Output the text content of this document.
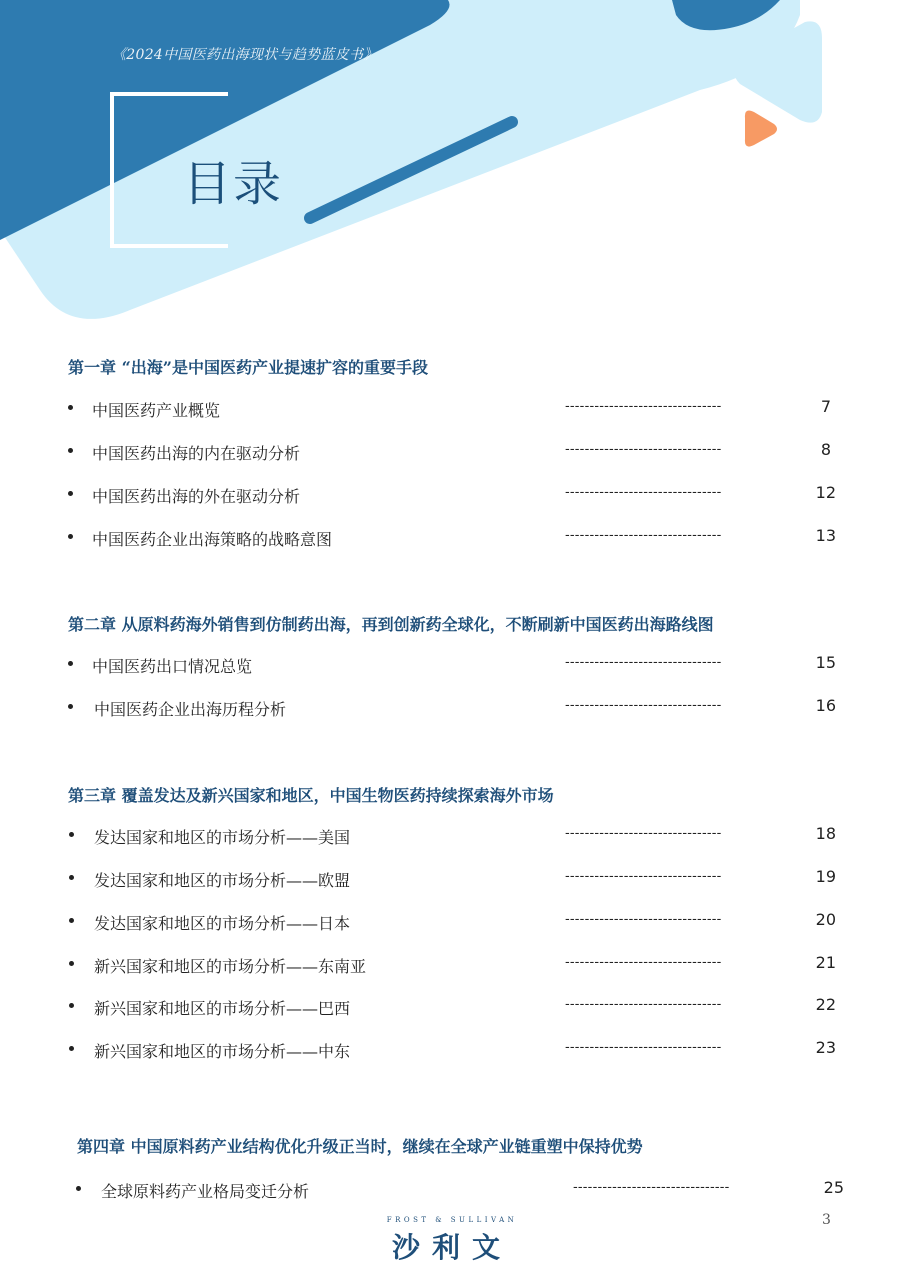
《2024中国医药出海现状与趋势蓝皮书》
目录
第一章 “出海”是中国医药产业提速扩容的重要手段
中国医药产业概览	--------------------------------	7
中国医药出海的内在驱动分析	--------------------------------	8
中国医药出海的外在驱动分析	--------------------------------	12
中国医药企业出海策略的战略意图	--------------------------------	13
第二章 从原料药海外销售到仿制药出海，再到创新药全球化，不断刷新中国医药出海路线图
中国医药出口情况总览	--------------------------------	15
中国医药企业出海历程分析	--------------------------------	16
第三章 覆盖发达及新兴国家和地区，中国生物医药持续探索海外市场
发达国家和地区的市场分析——美国	--------------------------------	18
发达国家和地区的市场分析——欧盟	--------------------------------	19
发达国家和地区的市场分析——日本	--------------------------------	20
新兴国家和地区的市场分析——东南亚	--------------------------------	21
新兴国家和地区的市场分析——巴西	--------------------------------	22
新兴国家和地区的市场分析——中东	--------------------------------	23
第四章 中国原料药产业结构优化升级正当时，继续在全球产业链重塑中保持优势
全球原料药产业格局变迁分析	--------------------------------	25
FROST & SULLIVAN
沙利文
3
